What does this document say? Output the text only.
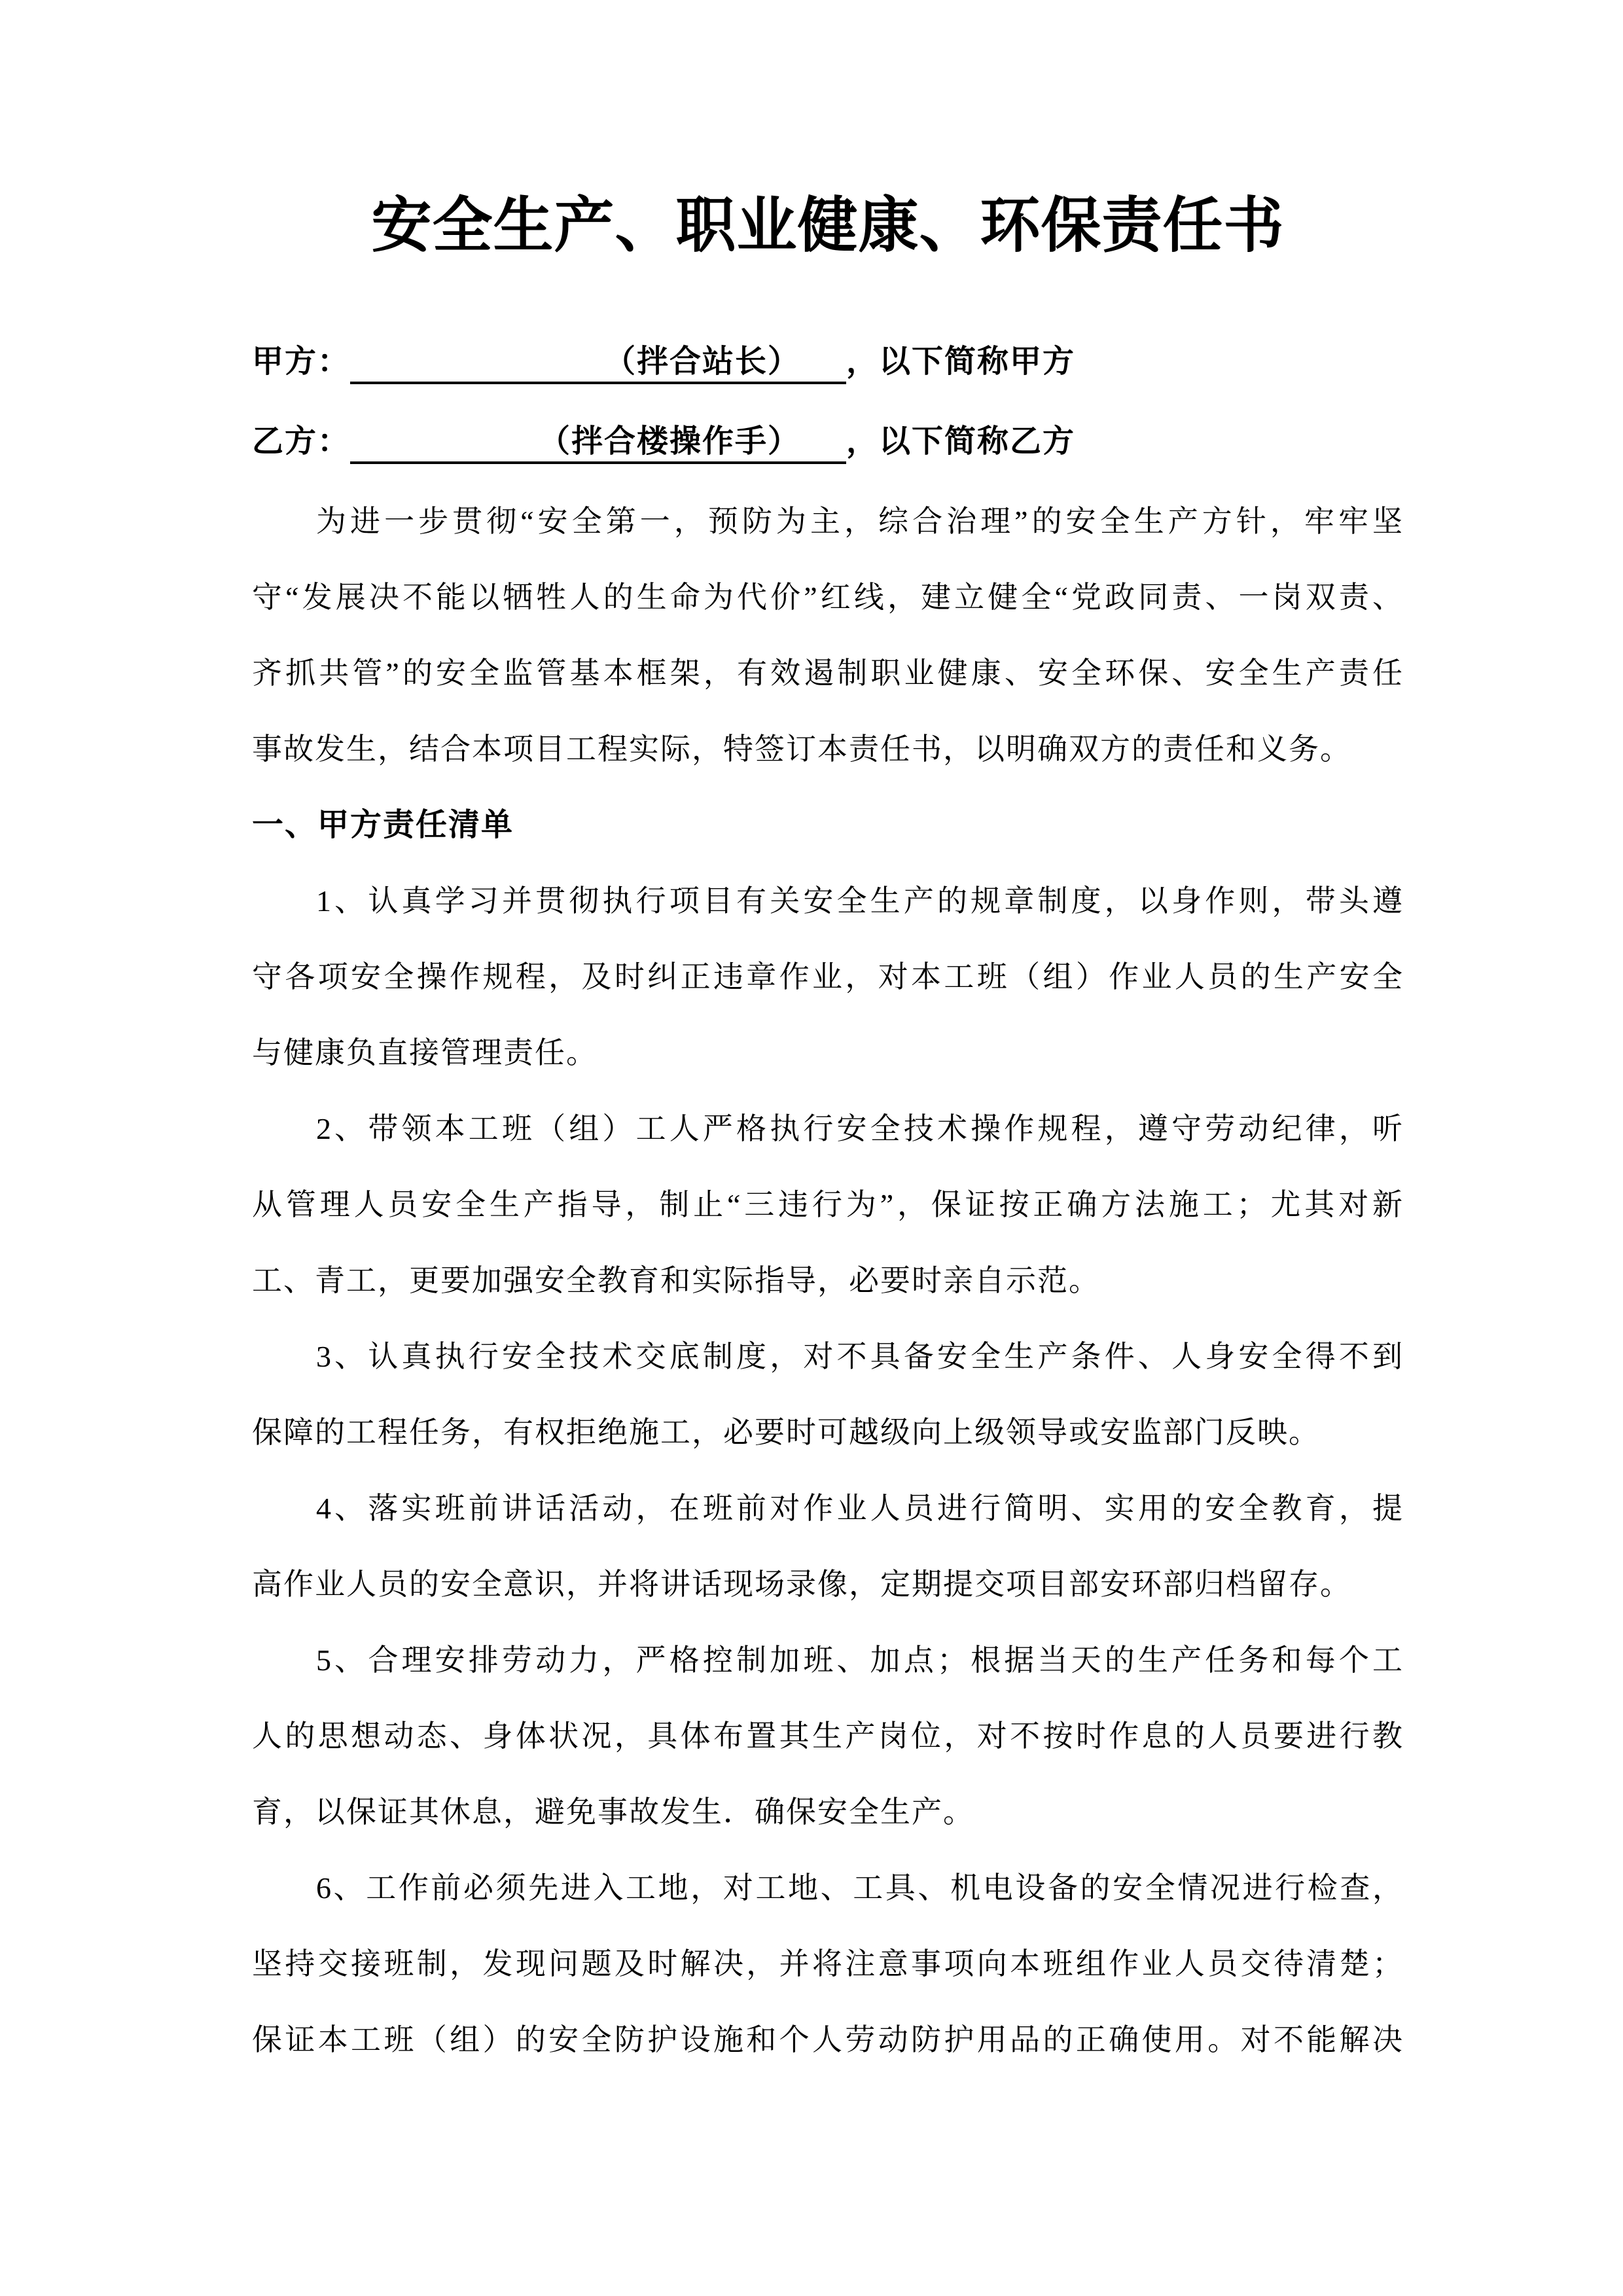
安全生产、职业健康、环保责任书
甲方：	（拌合站长） ，以下简称甲方
乙方：	（拌合楼操作手） ，以下简称乙方
为进一步贯彻“安全第一，预防为主，综合治理”的安全生产方针，牢牢坚
守“发展决不能以牺牲人的生命为代价”红线，建立健全“党政同责、一岗双责、
齐抓共管”的安全监管基本框架，有效遏制职业健康、安全环保、安全生产责任
事故发生，结合本项目工程实际，特签订本责任书，以明确双方的责任和义务。
一、甲方责任清单
1、认真学习并贯彻执行项目有关安全生产的规章制度，以身作则，带头遵
守各项安全操作规程，及时纠正违章作业，对本工班（组）作业人员的生产安全
与健康负直接管理责任。
2、带领本工班（组）工人严格执行安全技术操作规程，遵守劳动纪律，听
从管理人员安全生产指导，制止“三违行为”，保证按正确方法施工；尤其对新
工、青工，更要加强安全教育和实际指导，必要时亲自示范。
3、认真执行安全技术交底制度，对不具备安全生产条件、人身安全得不到
保障的工程任务，有权拒绝施工，必要时可越级向上级领导或安监部门反映。
4、落实班前讲话活动，在班前对作业人员进行简明、实用的安全教育，提
高作业人员的安全意识，并将讲话现场录像，定期提交项目部安环部归档留存。
5、合理安排劳动力，严格控制加班、加点；根据当天的生产任务和每个工
人的思想动态、身体状况，具体布置其生产岗位，对不按时作息的人员要进行教
育，以保证其休息，避免事故发生．确保安全生产。
6、工作前必须先进入工地，对工地、工具、机电设备的安全情况进行检查，
坚持交接班制，发现问题及时解决，并将注意事项向本班组作业人员交待清楚；
保证本工班（组）的安全防护设施和个人劳动防护用品的正确使用。对不能解决
